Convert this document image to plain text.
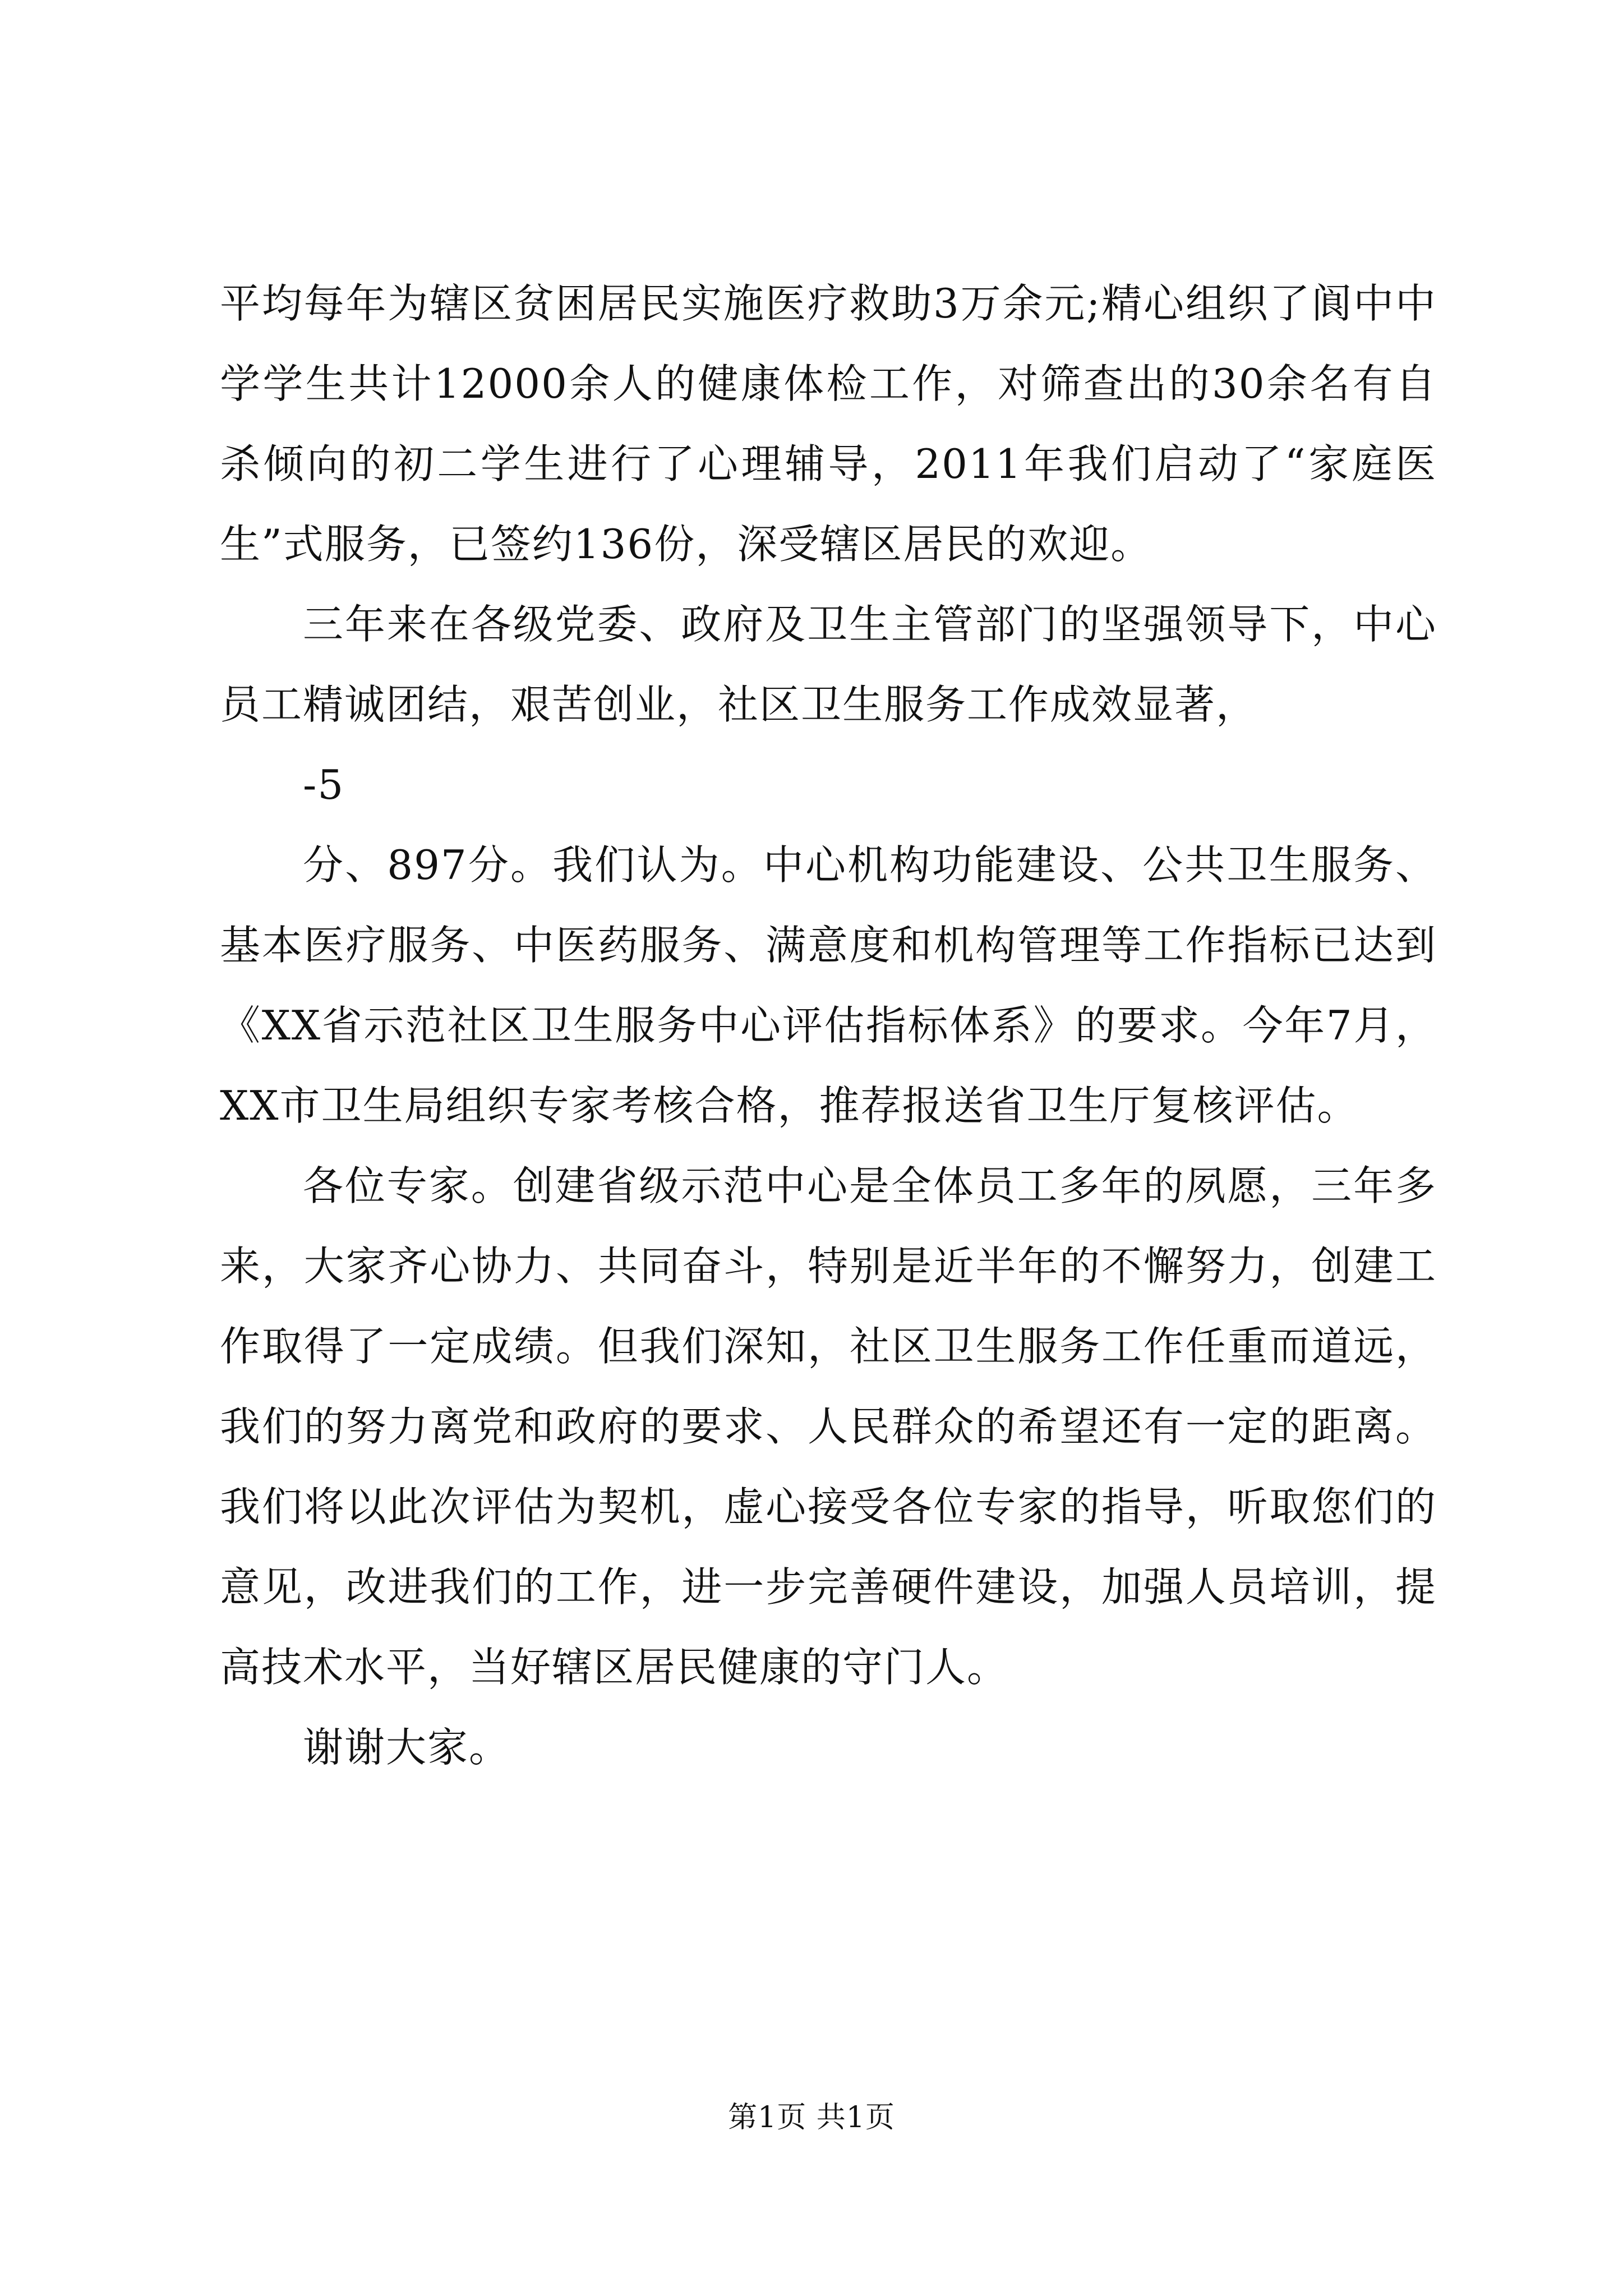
平均每年为辖区贫困居民实施医疗救助3万余元;精心组织了阆中中学学生共计12000余人的健康体检工作，对筛查出的30余名有自杀倾向的初二学生进行了心理辅导，2011年我们启动了“家庭医生”式服务，已签约136份，深受辖区居民的欢迎。

三年来在各级党委、政府及卫生主管部门的坚强领导下，中心员工精诚团结，艰苦创业，社区卫生服务工作成效显著，

-5

分、897分。我们认为。中心机构功能建设、公共卫生服务、基本医疗服务、中医药服务、满意度和机构管理等工作指标已达到《XX省示范社区卫生服务中心评估指标体系》的要求。今年7月，XX市卫生局组织专家考核合格，推荐报送省卫生厅复核评估。

各位专家。创建省级示范中心是全体员工多年的夙愿，三年多来，大家齐心协力、共同奋斗，特别是近半年的不懈努力，创建工作取得了一定成绩。但我们深知，社区卫生服务工作任重而道远，我们的努力离党和政府的要求、人民群众的希望还有一定的距离。我们将以此次评估为契机，虚心接受各位专家的指导，听取您们的意见，改进我们的工作，进一步完善硬件建设，加强人员培训，提高技术水平，当好辖区居民健康的守门人。

谢谢大家。

第1页 共1页
